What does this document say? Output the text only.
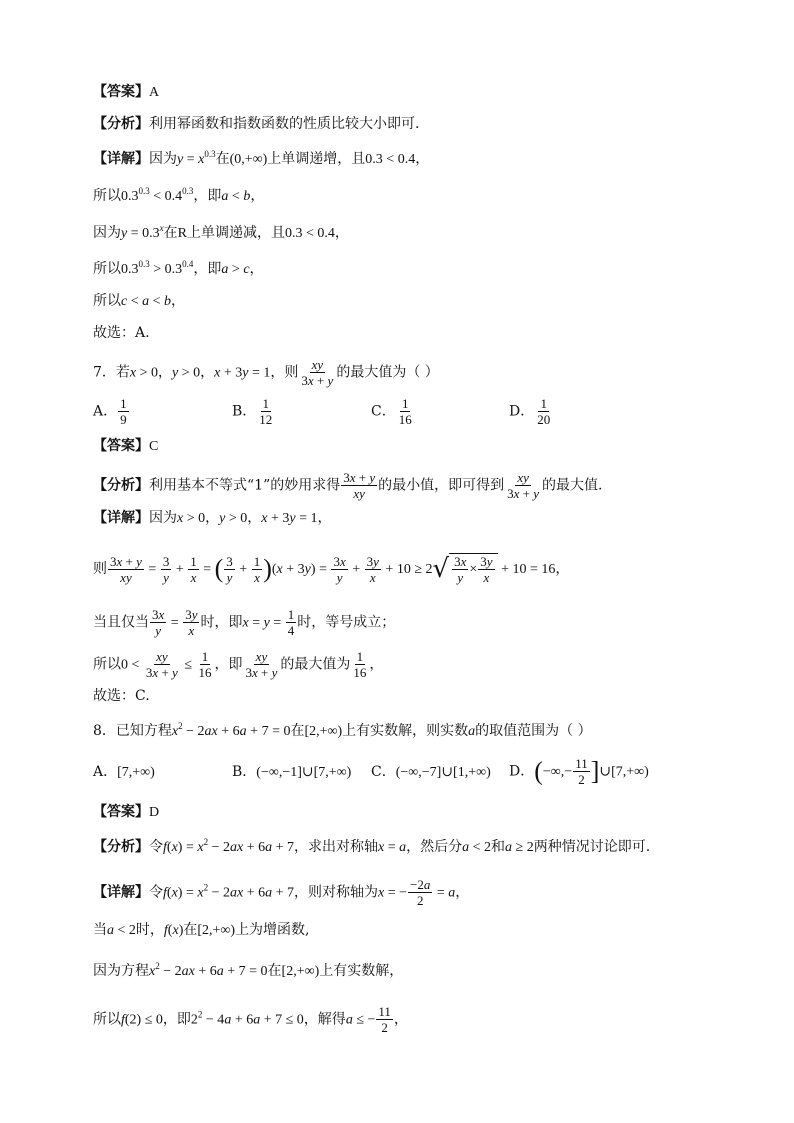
【答案】A
【分析】利用幂函数和指数函数的性质比较大小即可.
【详解】因为$y = x^{0.3}$在(0,+∞)上单调递增，且0.3 < 0.4，
所以$0.3^{0.3} < 0.4^{0.3}$，即a < b，
因为$y = 0.3^x$在R上单调递减，且0.3 < 0.4，
所以$0.3^{0.3} > 0.3^{0.4}$，即a > c，
所以c < a < b，
故选：A.
7．若x > 0，y > 0，x + 3y = 1，则 $\frac{xy}{3x + y}$ 的最大值为（ ）
A． $\frac{1}{9}$	B． $\frac{1}{12}$	C． $\frac{1}{16}$	D． $\frac{1}{20}$
【答案】C
【分析】利用基本不等式“1”的妙用求得 $\frac{3x + y}{xy}$ 的最小值，即可得到 $\frac{xy}{3x + y}$ 的最大值.
【详解】因为x > 0，y > 0，x + 3y = 1，
则 $\frac{3x + y}{xy} = \frac{3}{y} + \frac{1}{x}$ = ( $\frac{3}{y} + \frac{1}{x} )(x + 3y) = \frac{3x}{y} + \frac{3y}{x} + 10 \ge 2$ √ $\frac{3x}{y} \times \frac{3y}{x} + 10 = 16$，
当且仅当 $\frac{3x}{y} = \frac{3y}{x}$ 时，即$x = y = \frac{1}{4}$ 时，等号成立；
所以$0 < \frac{xy}{3x + y} \le \frac{1}{16}$ ，即 $\frac{xy}{3x + y}$ 的最大值为 $\frac{1}{16}$ ，
故选：C.
8．已知方程$x^2 - 2ax + 6a + 7 = 0$在[2,+∞)上有实数解，则实数a的取值范围为（ ）
A．[7,+∞)	B．(−∞,−1]∪[7,+∞) C．(−∞,−7]∪[1,+∞) D．(−∞,− $\frac{11}{2}$ ]∪[7,+∞)
【答案】D
【分析】令$f(x) = x^2 - 2ax + 6a + 7$，求出对称轴x = a，然后分a < 2和a ≥ 2两种情况讨论即可.
【详解】令$f(x) = x^2 - 2ax + 6a + 7$，则对称轴为x = − $\frac{-2a}{2} = a$，
当a < 2时，f(x)在[2,+∞)上为增函数,
因为方程$x^2 - 2ax + 6a + 7 = 0$在[2,+∞)上有实数解，
所以f(2) ≤ 0，即$2^2 - 4a + 6a + 7 \le 0$，解得a ≤ − $\frac{11}{2}$ ，
